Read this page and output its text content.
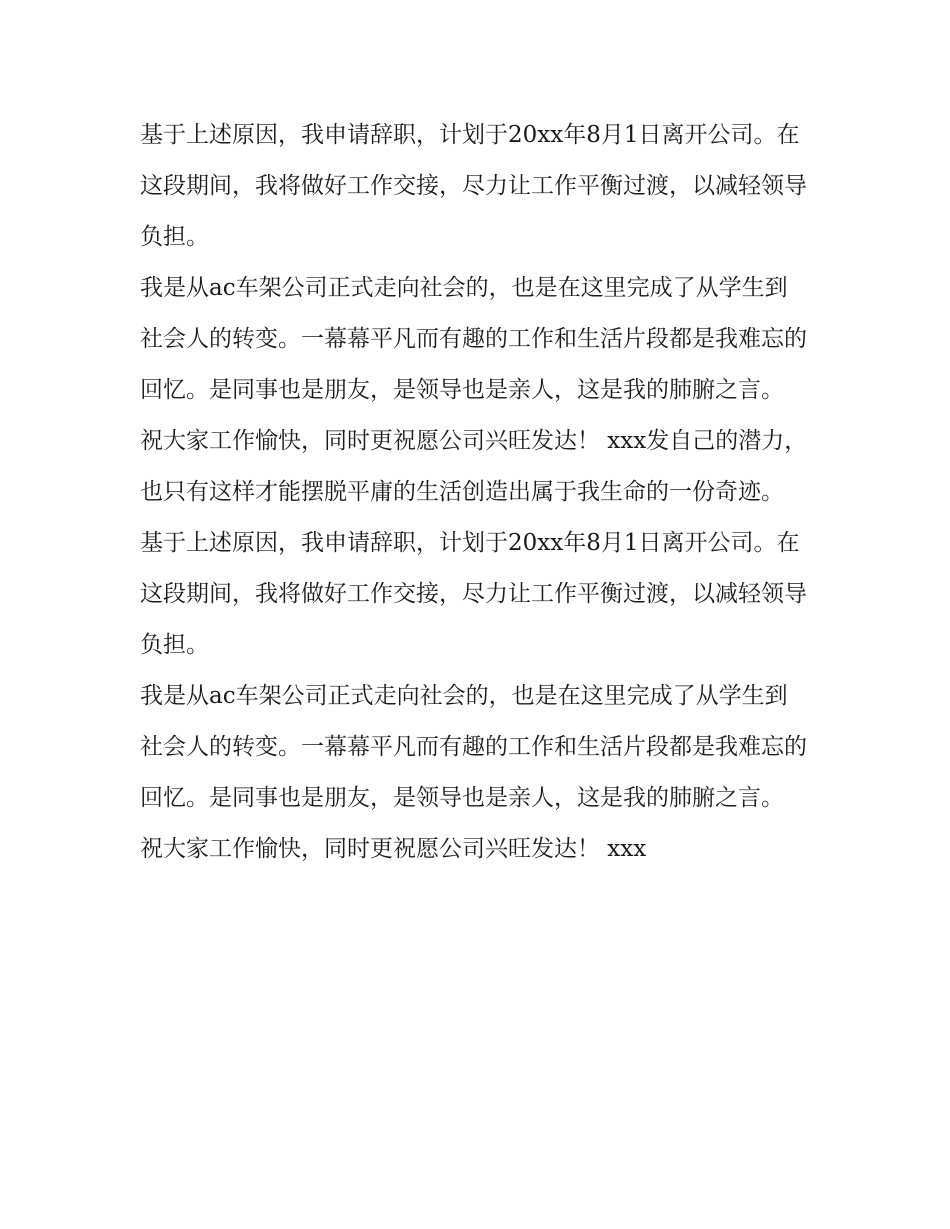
基于上述原因，我申请辞职，计划于20xx年8月1日离开公司。在这段期间，我将做好工作交接，尽力让工作平衡过渡，以减轻领导负担。

我是从ac车架公司正式走向社会的，也是在这里完成了从学生到社会人的转变。一幕幕平凡而有趣的工作和生活片段都是我难忘的回忆。是同事也是朋友，是领导也是亲人，这是我的肺腑之言。

祝大家工作愉快，同时更祝愿公司兴旺发达！ xxx发自己的潜力，也只有这样才能摆脱平庸的生活创造出属于我生命的一份奇迹。

基于上述原因，我申请辞职，计划于20xx年8月1日离开公司。在这段期间，我将做好工作交接，尽力让工作平衡过渡，以减轻领导负担。

我是从ac车架公司正式走向社会的，也是在这里完成了从学生到社会人的转变。一幕幕平凡而有趣的工作和生活片段都是我难忘的回忆。是同事也是朋友，是领导也是亲人，这是我的肺腑之言。

祝大家工作愉快，同时更祝愿公司兴旺发达！ xxx
